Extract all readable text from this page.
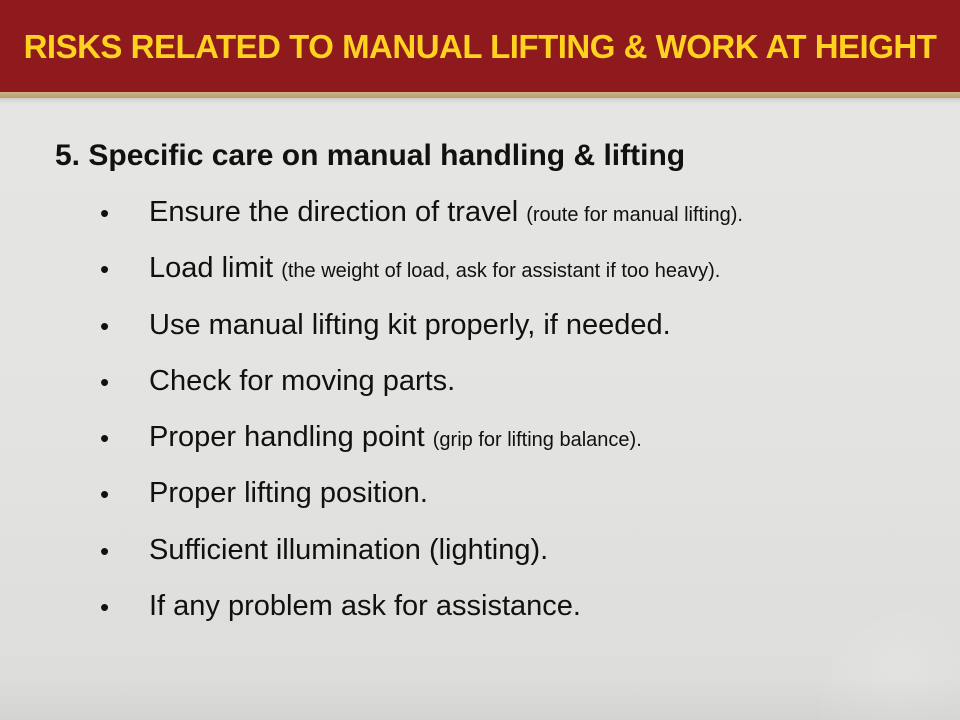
RISKS RELATED TO MANUAL LIFTING & WORK AT HEIGHT
5. Specific care on manual handling & lifting
• Ensure the direction of travel (route for manual lifting).
• Load limit (the weight of load, ask for assistant if too heavy).
• Use manual lifting kit properly, if needed.
• Check for moving parts.
• Proper handling point (grip for lifting balance).
• Proper lifting position.
• Sufficient illumination (lighting).
• If any problem ask for assistance.
